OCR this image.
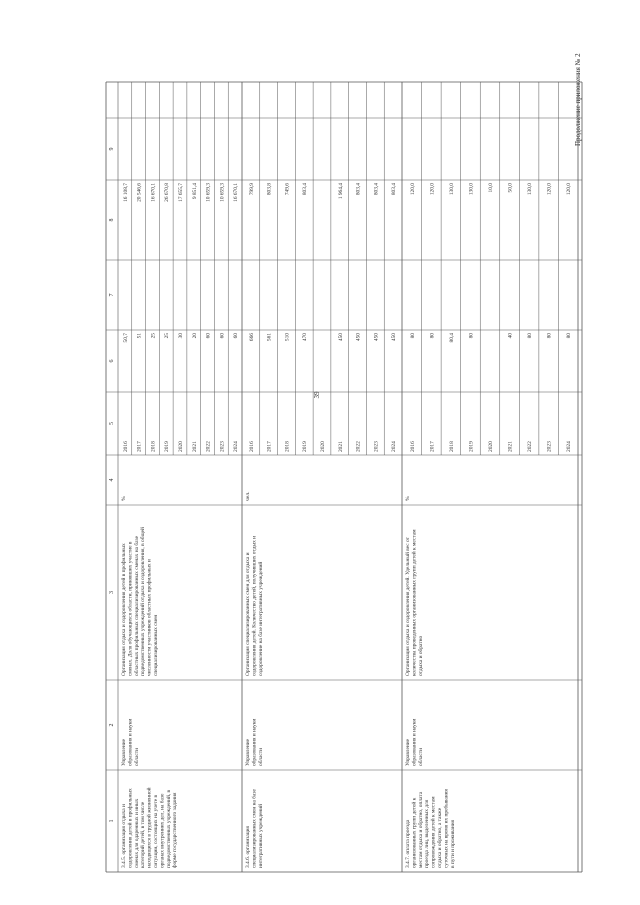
39
Продолжение приложения № 2
1
2
3
4
5
6
7
8
9
3.4.5. организация отдыха и оздоровления детей в профильных сменах для одаренных и иных категорий детей, в том числе находящихся в трудной жизненной ситуации, состоящих на учете в органах внутренних дел, на базе подведомственных учреждений, в форме государственного задания
Управление образования и науки области
Организация отдыха и оздоровления детей в профильных сменах. Доля обучающихся области, принявших участие в областных профильных специализированных сменах на базе подведомственных учреждений отдыха и оздоровления, в общей численности участников областных профильных и специализированных смен
%
2016
50,7
16 108,7
2017
51
20 546,6
2018
25
16 670,1
2019
25
26 670,8
2020
30
17 655,7
2021
20
9 851,4
2022
60
10 659,3
2023
60
10 659,3
2024
60
16 670,1
3.4.6. организация специализированных смен на базе интегративных учреждений
Управление образования и науки области
Организация специализированных смен для отдыха и оздоровления детей. Количество детей, получивших отдых и оздоровление на базе интегративных учреждений
чел.
2016
666
799,9
2017
561
803,8
2018
510
749,6
2019
470
803,4
2020 2021
450
1 964,4
2022
450
803,4
2023
450
803,4
2024
450
803,4
3.4.7. оплата проезда организованных групп детей к местам отдыха и обратно, оплата проезда лиц, выделенных для сопровождения детей к местам отдыха и обратно, а также суточных на время их пребывания в пути и проживания
Управление образования и науки области
Организация отдыха и оздоровления детей. Удельный вес от количества проведенных организованных групп детей к местам отдыха и обратно
%
2016
80
120,0
2017
80
120,0
2018
80,4
130,0
2019
80
130,0
2020
10,0
2021
40
50,0
2022
80
130,0
2023
80
120,0
2024
80
120,0
